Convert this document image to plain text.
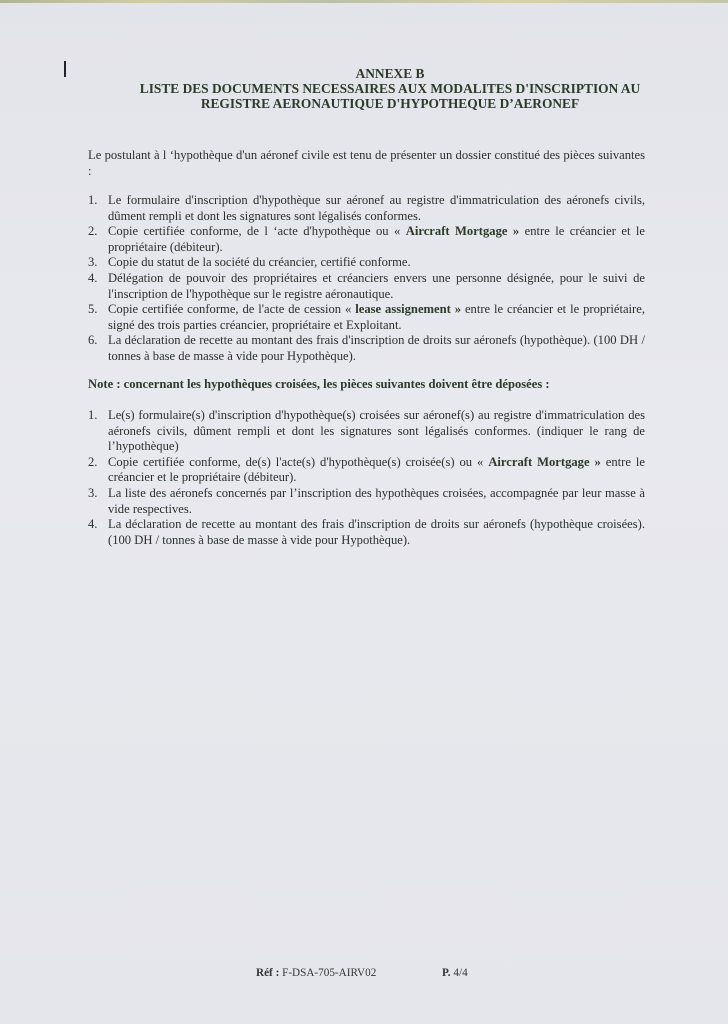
ANNEXE B
LISTE DES DOCUMENTS NECESSAIRES AUX MODALITES D'INSCRIPTION AU
REGISTRE AERONAUTIQUE D'HYPOTHEQUE D’AERONEF
Le postulant à l ‘hypothèque d'un aéronef civile est tenu de présenter un dossier constitué des pièces suivantes :
1. Le formulaire d'inscription d'hypothèque sur aéronef au registre d'immatriculation des aéronefs civils, dûment rempli et dont les signatures sont légalisés conformes.
2. Copie certifiée conforme, de l ‘acte d'hypothèque ou « Aircraft Mortgage » entre le créancier et le propriétaire (débiteur).
3. Copie du statut de la société du créancier, certifié conforme.
4. Délégation de pouvoir des propriétaires et créanciers envers une personne désignée, pour le suivi de l'inscription de l'hypothèque sur le registre aéronautique.
5. Copie certifiée conforme, de l'acte de cession « lease assignement » entre le créancier et le propriétaire, signé des trois parties créancier, propriétaire et Exploitant.
6. La déclaration de recette au montant des frais d'inscription de droits sur aéronefs (hypothèque). (100 DH / tonnes à base de masse à vide pour Hypothèque).
Note : concernant les hypothèques croisées, les pièces suivantes doivent être déposées :
1. Le(s) formulaire(s) d'inscription d'hypothèque(s) croisées sur aéronef(s) au registre d'immatriculation des aéronefs civils, dûment rempli et dont les signatures sont légalisés conformes. (indiquer le rang de l’hypothèque)
2. Copie certifiée conforme, de(s) l'acte(s) d'hypothèque(s) croisée(s) ou « Aircraft Mortgage » entre le créancier et le propriétaire (débiteur).
3. La liste des aéronefs concernés par l’inscription des hypothèques croisées, accompagnée par leur masse à vide respectives.
4. La déclaration de recette au montant des frais d'inscription de droits sur aéronefs (hypothèque croisées). (100 DH / tonnes à base de masse à vide pour Hypothèque).
Réf : F-DSA-705-AIRV02	P. 4/4
